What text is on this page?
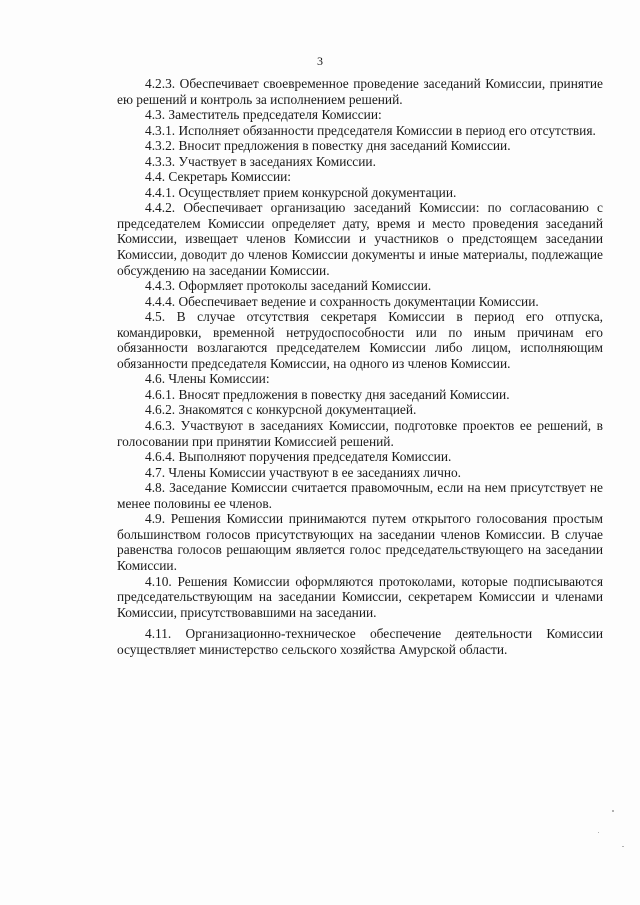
3

4.2.3. Обеспечивает своевременное проведение заседаний Комиссии, принятие ею решений и контроль за исполнением решений.

4.3. Заместитель председателя Комиссии:

4.3.1. Исполняет обязанности председателя Комиссии в период его отсутствия.

4.3.2. Вносит предложения в повестку дня заседаний Комиссии.

4.3.3. Участвует в заседаниях Комиссии.

4.4. Секретарь Комиссии:

4.4.1. Осуществляет прием конкурсной документации.

4.4.2. Обеспечивает организацию заседаний Комиссии: по согласованию с председателем Комиссии определяет дату, время и место проведения заседаний Комиссии, извещает членов Комиссии и участников о предстоящем заседании Комиссии, доводит до членов Комиссии документы и иные материалы, подлежащие обсуждению на заседании Комиссии.

4.4.3. Оформляет протоколы заседаний Комиссии.

4.4.4. Обеспечивает ведение и сохранность документации Комиссии.

4.5. В случае отсутствия секретаря Комиссии в период его отпуска, командировки, временной нетрудоспособности или по иным причинам его обязанности возлагаются председателем Комиссии либо лицом, исполняющим обязанности председателя Комиссии, на одного из членов Комиссии.

4.6. Члены Комиссии:

4.6.1. Вносят предложения в повестку дня заседаний Комиссии.

4.6.2. Знакомятся с конкурсной документацией.

4.6.3. Участвуют в заседаниях Комиссии, подготовке проектов ее решений, в голосовании при принятии Комиссией решений.

4.6.4. Выполняют поручения председателя Комиссии.

4.7. Члены Комиссии участвуют в ее заседаниях лично.

4.8. Заседание Комиссии считается правомочным, если на нем присутствует не менее половины ее членов.

4.9. Решения Комиссии принимаются путем открытого голосования простым большинством голосов присутствующих на заседании членов Комиссии. В случае равенства голосов решающим является голос председательствующего на заседании Комиссии.

4.10. Решения Комиссии оформляются протоколами, которые подписываются председательствующим на заседании Комиссии, секретарем Комиссии и членами Комиссии, присутствовавшими на заседании.

4.11. Организационно-техническое обеспечение деятельности Комиссии осуществляет министерство сельского хозяйства Амурской области.
